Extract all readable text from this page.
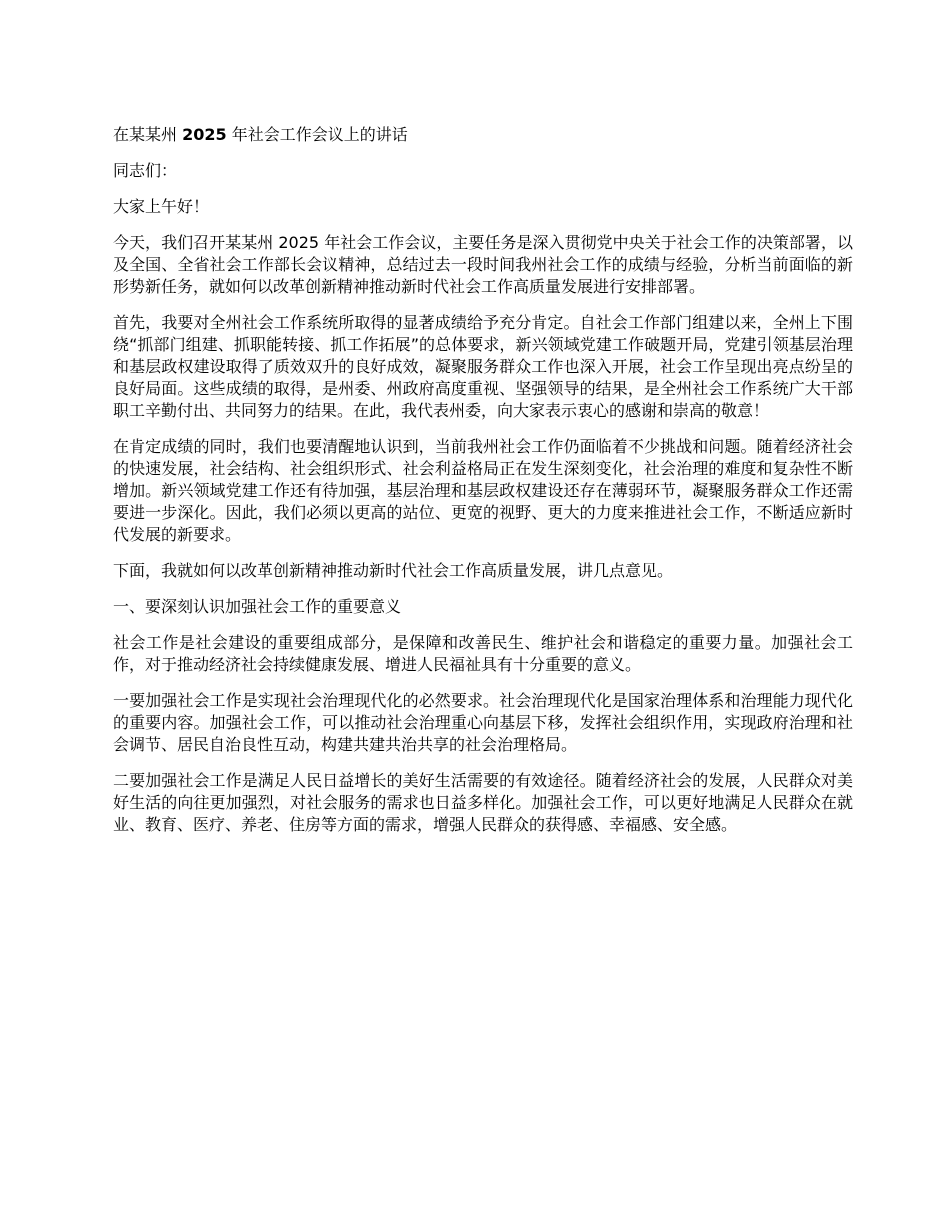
在某某州 2025 年社会工作会议上的讲话

同志们：

大家上午好！

今天，我们召开某某州 2025 年社会工作会议，主要任务是深入贯彻党中央关于社会工作的决策部署，以及全国、全省社会工作部长会议精神，总结过去一段时间我州社会工作的成绩与经验，分析当前面临的新形势新任务，就如何以改革创新精神推动新时代社会工作高质量发展进行安排部署。

首先，我要对全州社会工作系统所取得的显著成绩给予充分肯定。自社会工作部门组建以来，全州上下围绕“抓部门组建、抓职能转接、抓工作拓展”的总体要求，新兴领域党建工作破题开局，党建引领基层治理和基层政权建设取得了质效双升的良好成效，凝聚服务群众工作也深入开展，社会工作呈现出亮点纷呈的良好局面。这些成绩的取得，是州委、州政府高度重视、坚强领导的结果，是全州社会工作系统广大干部职工辛勤付出、共同努力的结果。在此，我代表州委，向大家表示衷心的感谢和崇高的敬意！

在肯定成绩的同时，我们也要清醒地认识到，当前我州社会工作仍面临着不少挑战和问题。随着经济社会的快速发展，社会结构、社会组织形式、社会利益格局正在发生深刻变化，社会治理的难度和复杂性不断增加。新兴领域党建工作还有待加强，基层治理和基层政权建设还存在薄弱环节，凝聚服务群众工作还需要进一步深化。因此，我们必须以更高的站位、更宽的视野、更大的力度来推进社会工作，不断适应新时代发展的新要求。

下面，我就如何以改革创新精神推动新时代社会工作高质量发展，讲几点意见。

一、要深刻认识加强社会工作的重要意义

社会工作是社会建设的重要组成部分，是保障和改善民生、维护社会和谐稳定的重要力量。加强社会工作，对于推动经济社会持续健康发展、增进人民福祉具有十分重要的意义。

一要加强社会工作是实现社会治理现代化的必然要求。社会治理现代化是国家治理体系和治理能力现代化的重要内容。加强社会工作，可以推动社会治理重心向基层下移，发挥社会组织作用，实现政府治理和社会调节、居民自治良性互动，构建共建共治共享的社会治理格局。

二要加强社会工作是满足人民日益增长的美好生活需要的有效途径。随着经济社会的发展，人民群众对美好生活的向往更加强烈，对社会服务的需求也日益多样化。加强社会工作，可以更好地满足人民群众在就业、教育、医疗、养老、住房等方面的需求，增强人民群众的获得感、幸福感、安全感。
